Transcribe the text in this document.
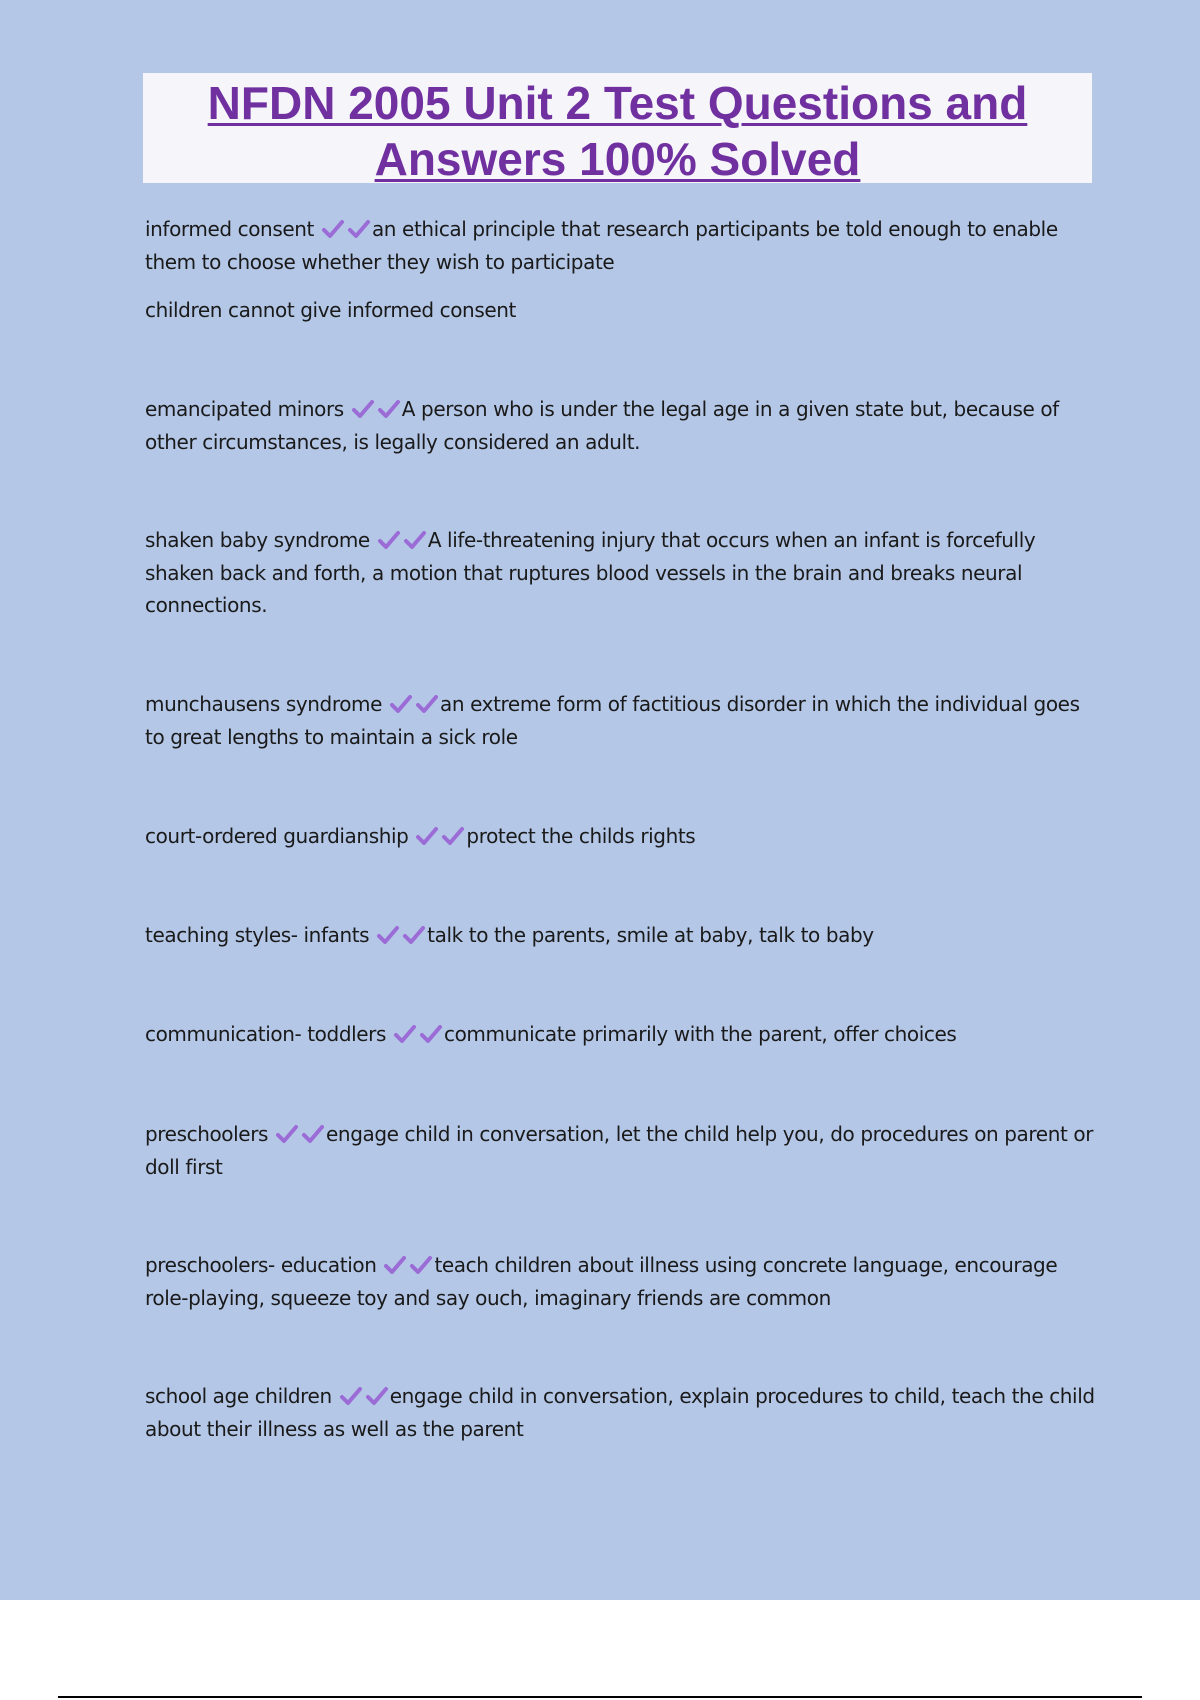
NFDN 2005 Unit 2 Test Questions and
Answers 100% Solved

informed consent	an ethical principle that research participants be told enough to enable them to choose whether they wish to participate

children cannot give informed consent

emancipated minors	A person who is under the legal age in a given state but, because of other circumstances, is legally considered an adult.

shaken baby syndrome	A life-threatening injury that occurs when an infant is forcefully shaken back and forth, a motion that ruptures blood vessels in the brain and breaks neural connections.

munchausens syndrome	an extreme form of factitious disorder in which the individual goes to great lengths to maintain a sick role

court-ordered guardianship	protect the childs rights

teaching styles- infants	talk to the parents, smile at baby, talk to baby

communication- toddlers	communicate primarily with the parent, offer choices

preschoolers	engage child in conversation, let the child help you, do procedures on parent or doll first

preschoolers- education	teach children about illness using concrete language, encourage role-playing, squeeze toy and say ouch, imaginary friends are common

school age children	engage child in conversation, explain procedures to child, teach the child about their illness as well as the parent
